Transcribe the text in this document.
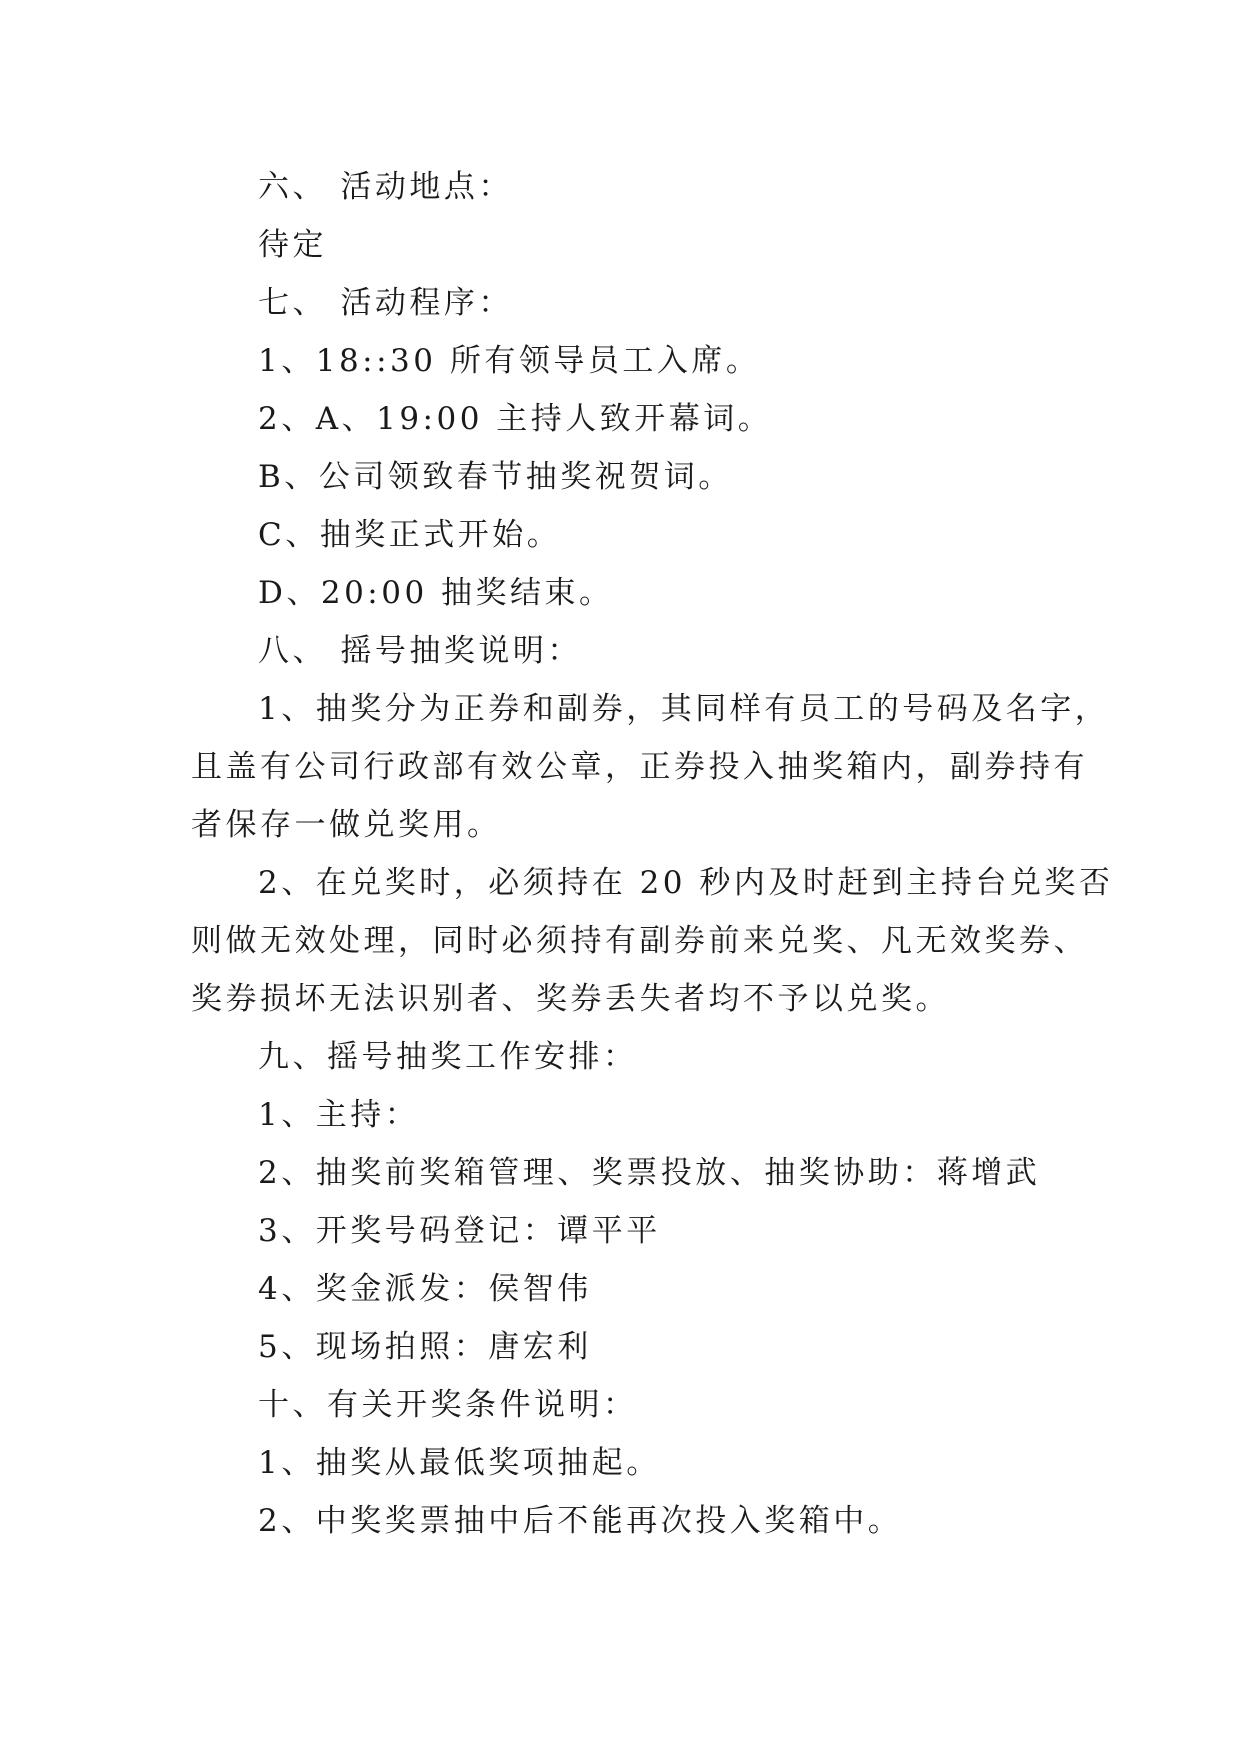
六、 活动地点：
待定
七、 活动程序：
1、18::30 所有领导员工入席。
2、A、19:00 主持人致开幕词。
B、公司领致春节抽奖祝贺词。
C、抽奖正式开始。
D、20:00 抽奖结束。
八、 摇号抽奖说明：
1、抽奖分为正券和副券，其同样有员工的号码及名字，
且盖有公司行政部有效公章，正券投入抽奖箱内，副券持有
者保存一做兑奖用。
2、在兑奖时，必须持在 20 秒内及时赶到主持台兑奖否
则做无效处理，同时必须持有副券前来兑奖、凡无效奖券、
奖券损坏无法识别者、奖券丢失者均不予以兑奖。
九、摇号抽奖工作安排：
1、主持：
2、抽奖前奖箱管理、奖票投放、抽奖协助：蒋增武
3、开奖号码登记：谭平平
4、奖金派发：侯智伟
5、现场拍照：唐宏利
十、有关开奖条件说明：
1、抽奖从最低奖项抽起。
2、中奖奖票抽中后不能再次投入奖箱中。
